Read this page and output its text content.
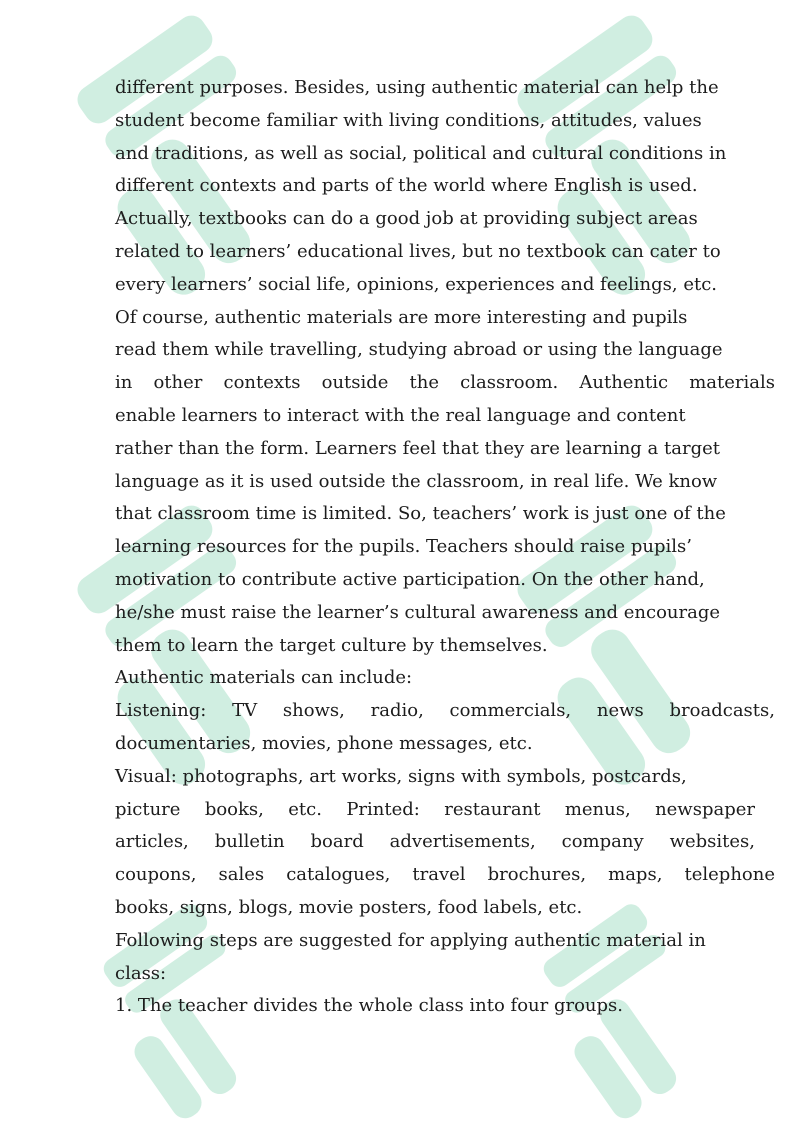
different purposes. Besides, using authentic material can help the
student become familiar with living conditions, attitudes, values
and traditions, as well as social, political and cultural conditions in
different contexts and parts of the world where English is used.
Actually, textbooks can do a good job at providing subject areas
related to learners’ educational lives, but no textbook can cater to
every learners’ social life, opinions, experiences and feelings, etc.
Of course, authentic materials are more interesting and pupils
read them while travelling, studying abroad or using the language
in other contexts outside the classroom. Authentic materials
enable learners to interact with the real language and content
rather than the form. Learners feel that they are learning a target
language as it is used outside the classroom, in real life. We know
that classroom time is limited. So, teachers’ work is just one of the
learning resources for the pupils. Teachers should raise pupils’
motivation to contribute active participation. On the other hand,
he/she must raise the learner’s cultural awareness and encourage
them to learn the target culture by themselves.
Authentic materials can include:
Listening: TV shows, radio, commercials, news broadcasts,
documentaries, movies, phone messages, etc.
Visual: photographs, art works, signs with symbols, postcards,
picture books, etc. Printed: restaurant menus, newspaper
articles, bulletin board advertisements, company websites,
coupons, sales catalogues, travel brochures, maps, telephone
books, signs, blogs, movie posters, food labels, etc.
Following steps are suggested for applying authentic material in
class:
1. The teacher divides the whole class into four groups.
